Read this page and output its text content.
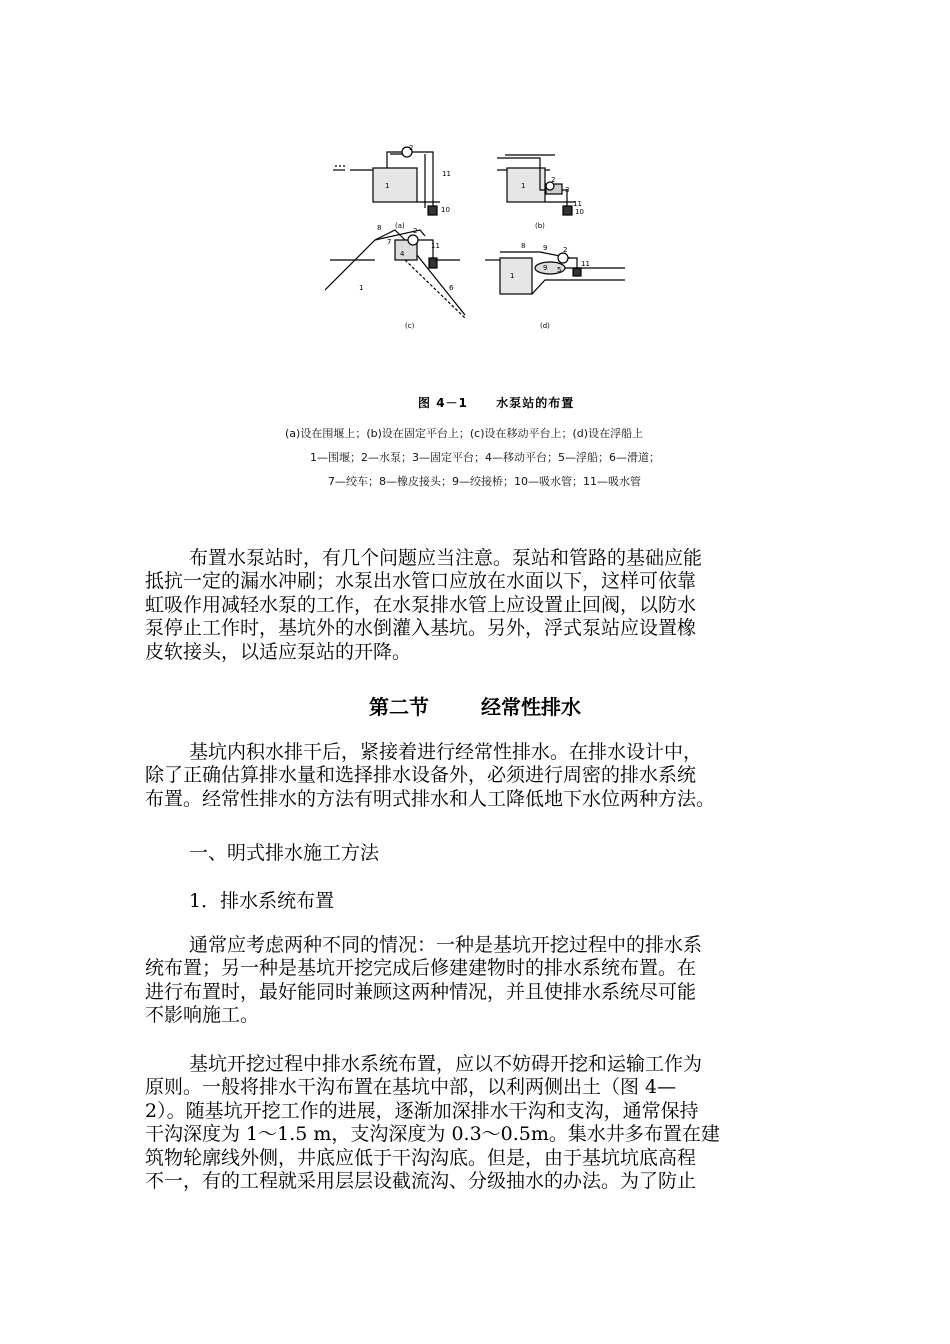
(a)
2
11
1
10
(b)
2
3
1
11
10
8
7
2
11
4
1	6
(c)
8	9 2
9 5
11
1
(d)
图 4－1 水泵站的布置
(a)设在围堰上；(b)设在固定平台上；(c)设在移动平台上；(d)设在浮船上
1—围堰；2—水泵；3—固定平台；4—移动平台；5—浮船；6—滑道；
7—绞车；8—橡皮接头；9—绞接桥；10—吸水管；11—吸水管
布置水泵站时，有几个问题应当注意。泵站和管路的基础应能
抵抗一定的漏水冲刷；水泵出水管口应放在水面以下，这样可依靠
虹吸作用减轻水泵的工作，在水泵排水管上应设置止回阀，以防水
泵停止工作时，基坑外的水倒灌入基坑。另外，浮式泵站应设置橡
皮软接头，以适应泵站的开降。
第二节	经常性排水
基坑内积水排干后，紧接着进行经常性排水。在排水设计中，
除了正确估算排水量和选择排水设备外，必须进行周密的排水系统
布置。经常性排水的方法有明式排水和人工降低地下水位两种方法。
一、明式排水施工方法
1．排水系统布置
通常应考虑两种不同的情况：一种是基坑开挖过程中的排水系
统布置；另一种是基坑开挖完成后修建建物时的排水系统布置。在
进行布置时，最好能同时兼顾这两种情况，并且使排水系统尽可能
不影响施工。
基坑开挖过程中排水系统布置，应以不妨碍开挖和运输工作为
原则。一般将排水干沟布置在基坑中部，以利两侧出土（图 4—
2）。随基坑开挖工作的进展，逐渐加深排水干沟和支沟，通常保持
干沟深度为 1～1.5 m，支沟深度为 0.3～0.5m。集水井多布置在建
筑物轮廓线外侧，井底应低于干沟沟底。但是，由于基坑坑底高程
不一，有的工程就采用层层设截流沟、分级抽水的办法。为了防止
